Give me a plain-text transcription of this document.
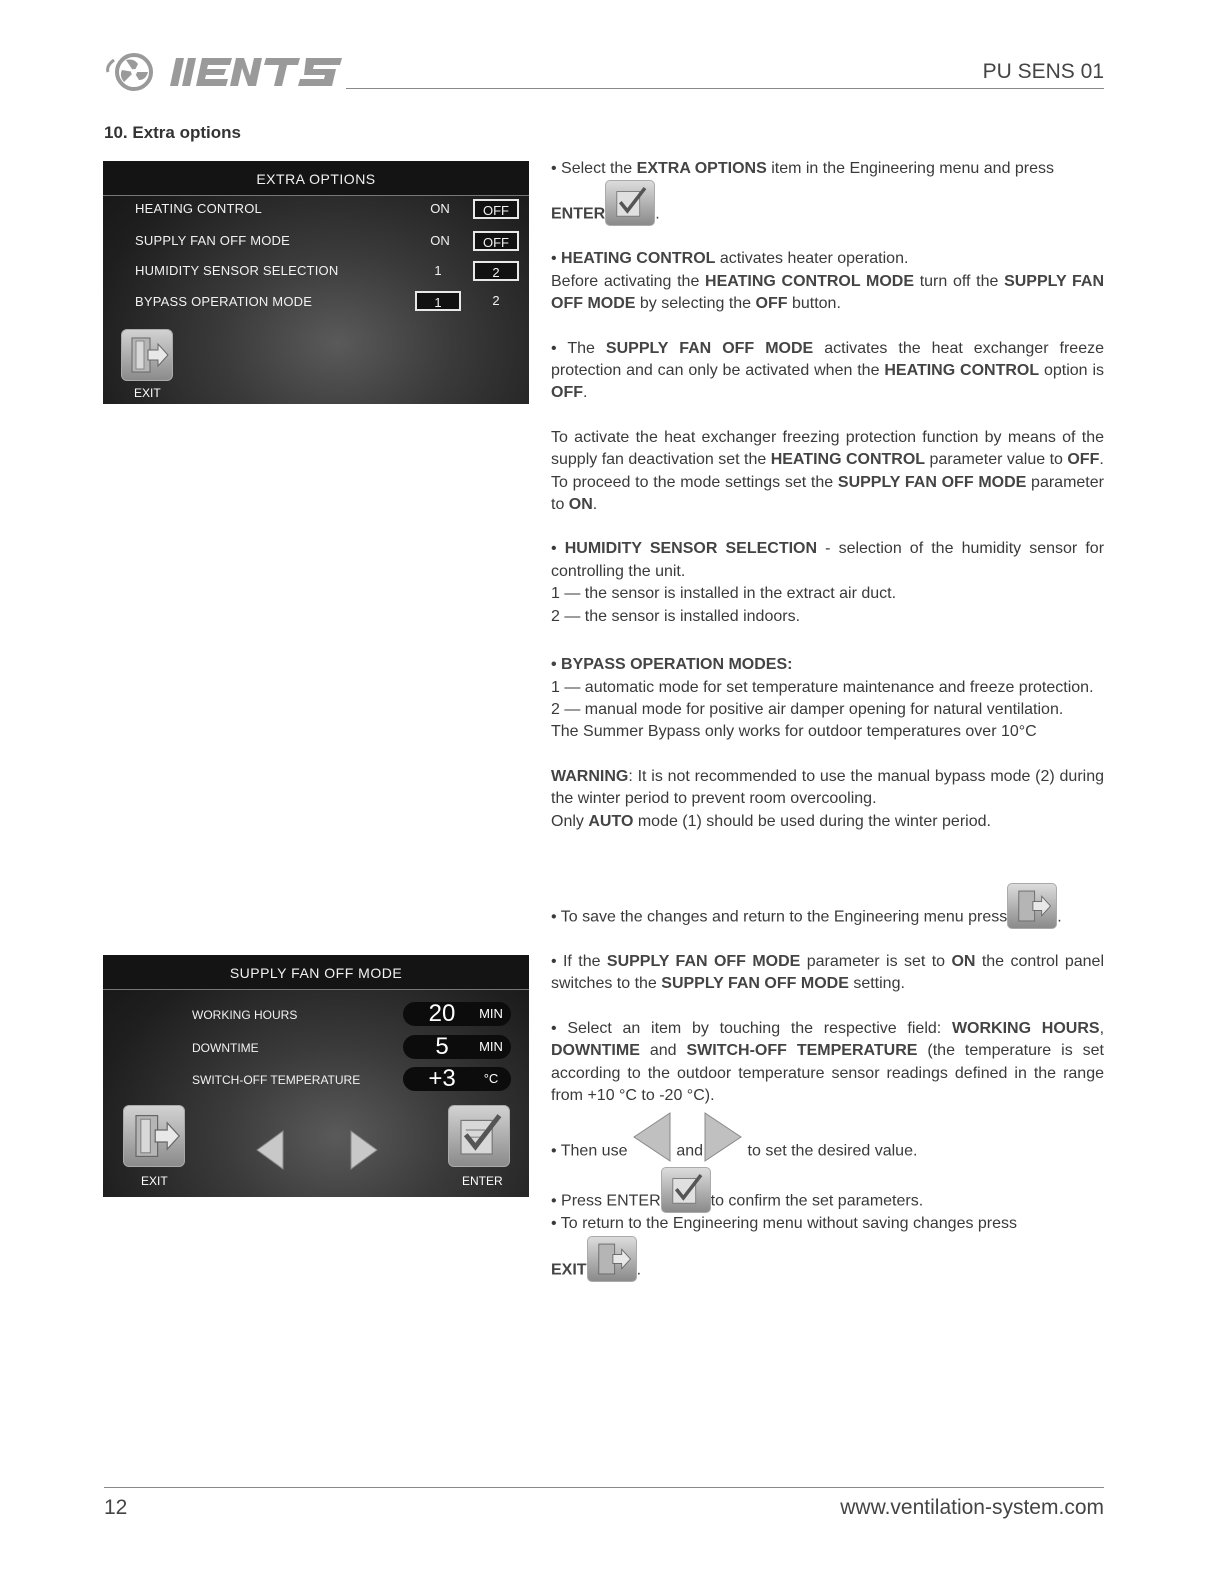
PU SENS 01
10. Extra options
EXTRA OPTIONS
HEATING CONTROL	ON	OFF
SUPPLY FAN OFF MODE	ON	OFF
HUMIDITY SENSOR SELECTION	1	2
BYPASS OPERATION MODE	1	2
EXIT
SUPPLY FAN OFF MODE
WORKING HOURS	20	MIN
DOWNTIME	5	MIN
SWITCH-OFF TEMPERATURE	+3	°C
EXIT	ENTER

• Select the EXTRA OPTIONS item in the Engineering menu and press
ENTER	.

• HEATING CONTROL activates heater operation.
Before activating the HEATING CONTROL MODE turn off the SUPPLY FAN OFF MODE by selecting the OFF button.

• The SUPPLY FAN OFF MODE activates the heat exchanger freeze protection and can only be activated when the HEATING CONTROL option is OFF.

To activate the heat exchanger freezing protection function by means of the supply fan deactivation set the HEATING CONTROL parameter value to OFF.

To proceed to the mode settings set the SUPPLY FAN OFF MODE parameter to ON.

• HUMIDITY SENSOR SELECTION - selection of the humidity sensor for controlling the unit.
1 — the sensor is installed in the extract air duct.
2 — the sensor is installed indoors.

• BYPASS OPERATION MODES:
1 — automatic mode for set temperature maintenance and freeze protection.
2 — manual mode for positive air damper opening for natural ventilation.
The Summer Bypass only works for outdoor temperatures over 10°C

WARNING: It is not recommended to use the manual bypass mode (2) during the winter period to prevent room overcooling.
Only AUTO mode (1) should be used during the winter period.

• To save the changes and return to the Engineering menu press	.

• If the SUPPLY FAN OFF MODE parameter is set to ON the control panel switches to the SUPPLY FAN OFF MODE setting.

• Select an item by touching the respective field: WORKING HOURS, DOWNTIME and SWITCH-OFF TEMPERATURE (the temperature is set according to the outdoor temperature sensor readings defined in the range from +10 °C to -20 °C).

• Then use	and	to set the desired value.

• Press ENTER	to confirm the set parameters.

• To return to the Engineering menu without saving changes press
EXIT	.

12	www.ventilation-system.com
